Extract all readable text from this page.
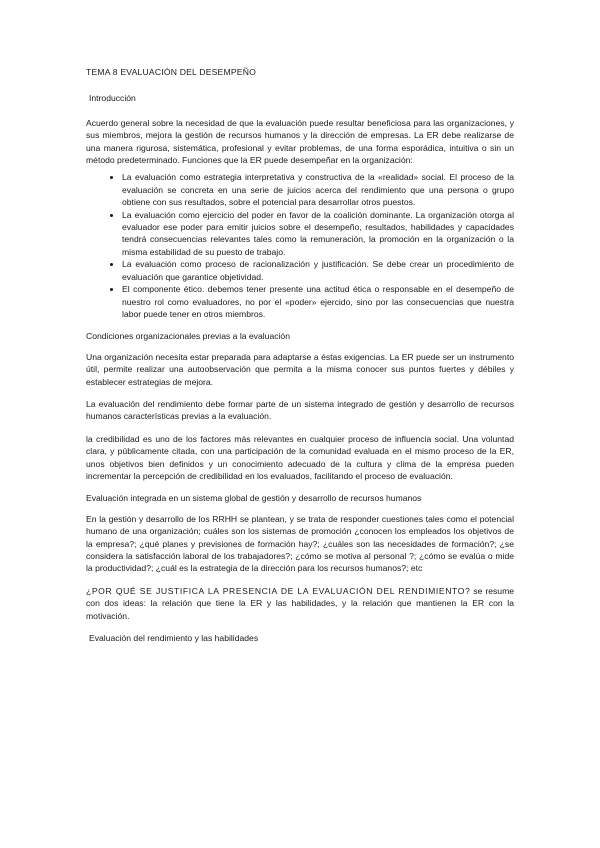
TEMA 8 EVALUACIÓN DEL DESEMPEÑO

Introducción

Acuerdo general sobre la necesidad de que la evaluación puede resultar beneficiosa para las organizaciones, y sus miembros, mejora la gestión de recursos humanos y la dirección de empresas. La ER debe realizarse de una manera rigurosa, sistemática, profesional y evitar problemas, de una forma esporádica, intuitiva o sin un método predeterminado. Funciones que la ER puede desempeñar en la organización:

• La evaluación como estrategia interpretativa y constructiva de la «realidad» social. El proceso de la evaluación se concreta en una serie de juicios acerca del rendimiento que una persona o grupo obtiene con sus resultados, sobre el potencial para desarrollar otros puestos.
• La evaluación como ejercicio del poder en favor de la coalición dominante. La organización otorga al evaluador ese poder para emitir juicios sobre el desempeño, resultados, habilidades y capacidades tendrá consecuencias relevantes tales como la remuneración, la promoción en la organización o la misma estabilidad de su puesto de trabajo.
• La evaluación como proceso de racionalización y justificación. Se debe crear un procedimiento de evaluación que garantice objetividad.
• El componente ético. debemos tener presente una actitud ética o responsable en el desempeño de nuestro rol como evaluadores, no por el «poder» ejercido, sino por las consecuencias que nuestra labor puede tener en otros miembros.

Condiciones organizacionales previas a la evaluación

Una organización necesita estar preparada para adaptarse a éstas exigencias. La ER puede ser un instrumento útil, permite realizar una autoobservación que permita a la misma conocer sus puntos fuertes y débiles y establecer estrategias de mejora.

La evaluación del rendimiento debe formar parte de un sistema integrado de gestión y desarrollo de recursos humanos características previas a la evaluación.

la credibilidad es uno de los factores más relevantes en cualquier proceso de influencia social. Una voluntad clara, y públicamente citada, con una participación de la comunidad evaluada en el mismo proceso de la ER, unos objetivos bien definidos y un conocimiento adecuado de la cultura y clima de la empresa pueden incrementar la percepción de credibilidad en los evaluados, facilitando el proceso de evaluación.

Evaluación integrada en un sistema global de gestión y desarrollo de recursos humanos

En la gestión y desarrollo de los RRHH se plantean, y se trata de responder cuestiones tales como el potencial humano de una organización; cuáles son los sistemas de promoción ¿conocen los empleados los objetivos de la empresa?; ¿qué planes y previsiones de formación hay?; ¿cuáles son las necesidades de formación?; ¿se considera la satisfacción laboral de los trabajadores?; ¿cómo se motiva al personal ?; ¿cómo se evalúa o mide la productividad?; ¿cuál es la estrategia de la dirección para los recursos humanos?; etc

¿POR QUÉ SE JUSTIFICA LA PRESENCIA DE LA EVALUACIÓN DEL RENDIMIENTO? se resume con dos ideas: la relación que tiene la ER y las habilidades, y la relación que mantienen la ER con la motivación.

Evaluación del rendimiento y las habilidades
